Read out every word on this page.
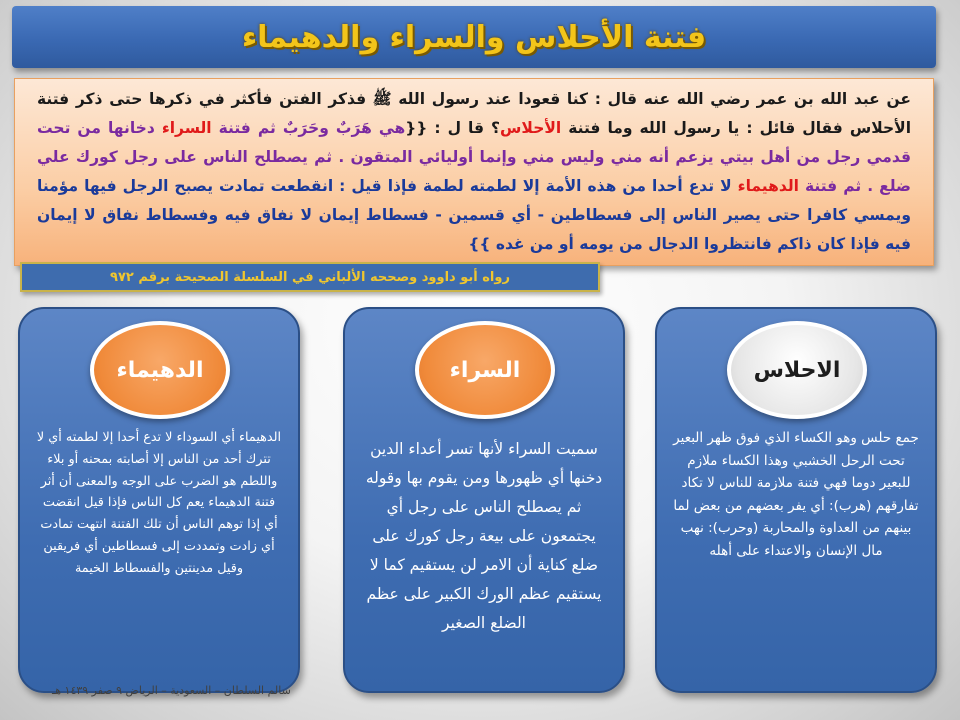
فتنة الأحلاس والسراء والدهيماء

عن عبد الله بن عمر رضي الله عنه قال : كنا قعودا عند رسول الله ﷺ فذكر الفتن فأكثر في ذكرها حتى ذكر فتنة الأحلاس فقال قائل : يا رسول الله وما فتنة الأحلاس؟ قا ل : {{هي هَرَبٌ وحَرَبٌ ثم فتنة السراء دخانها من تحت قدمي رجل من أهل بيتي يزعم أنه مني وليس مني وإنما أوليائي المتقون . ثم يصطلح الناس على رجل كورك علي ضلع . ثم فتنة الدهيماء لا تدع أحدا من هذه الأمة إلا لطمته لطمة فإذا قيل : انقطعت تمادت يصبح الرجل فيها مؤمنا ويمسي كافرا حتى يصير الناس إلى فسطاطين - أي قسمين - فسطاط إيمان لا نفاق فيه وفسطاط نفاق لا إيمان فيه فإذا كان ذاكم فانتظروا الدجال من يومه أو من غده }}

رواه أبو داوود وصححه الألباني في السلسلة الصحيحة برقم ٩٧٢
الاحلاس
جمع حلس وهو الكساء الذي فوق ظهر البعير تحت الرحل الخشبي وهذا الكساء ملازم للبعير دوما فهي فتنة ملازمة للناس لا تكاد تفارقهم (هرب): أي يفر بعضهم من بعض لما بينهم من العداوة والمحاربة (وحرب): نهب مال الإنسان والاعتداء على أهله
السراء
سميت السراء لأنها تسر أعداء الدين دخنها أي ظهورها ومن يقوم بها وقوله ثم يصطلح الناس على رجل أي يجتمعون على بيعة رجل كورك على ضلع كناية أن الامر لن يستقيم كما لا يستقيم عظم الورك الكبير على عظم الضلع الصغير
الدهيماء
الدهيماء أي السوداء لا تدع أحدا إلا لطمته أي لا تترك أحد من الناس إلا أصابته بمحنه أو بلاء واللطم هو الضرب على الوجه والمعنى أن أثر فتنة الدهيماء يعم كل الناس فإذا قيل انقضت أي إذا توهم الناس أن تلك الفتنة انتهت تمادت أي زادت وتمددت إلى فسطاطين أي فريقين وقيل مدينتين والفسطاط الخيمة
سالم السلطان – السعودية – الرياض ٩ صفر ١٤٣٩ هـ
